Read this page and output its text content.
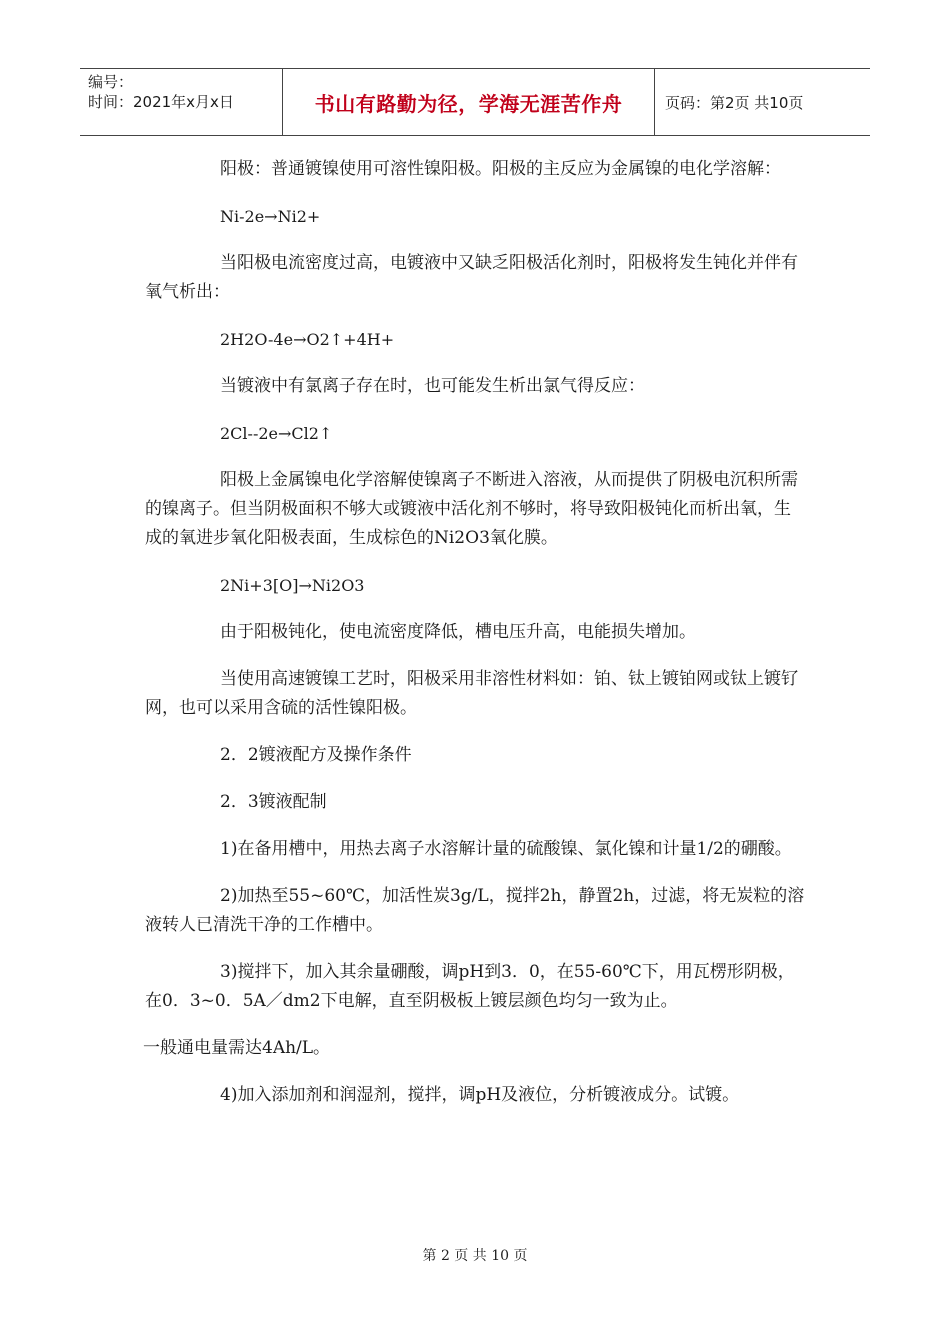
编号：
时间：2021年x月x日	书山有路勤为径，学海无涯苦作舟	页码：第2页 共10页

阳极：普通镀镍使用可溶性镍阳极。阳极的主反应为金属镍的电化学溶解：

Ni-2e→Ni2+

当阳极电流密度过高，电镀液中又缺乏阳极活化剂时，阳极将发生钝化并伴有氧气析出：

2H2O-4e→O2↑+4H+

当镀液中有氯离子存在时，也可能发生析出氯气得反应：

2Cl--2e→Cl2↑

阳极上金属镍电化学溶解使镍离子不断进入溶液，从而提供了阴极电沉积所需的镍离子。但当阴极面积不够大或镀液中活化剂不够时，将导致阳极钝化而析出氧，生成的氧进步氧化阳极表面，生成棕色的Ni2O3氧化膜。

2Ni+3[O]→Ni2O3

由于阳极钝化，使电流密度降低，槽电压升高，电能损失增加。

当使用高速镀镍工艺时，阳极采用非溶性材料如：铂、钛上镀铂网或钛上镀钌网，也可以采用含硫的活性镍阳极。

2．2镀液配方及操作条件

2．3镀液配制

1)在备用槽中，用热去离子水溶解计量的硫酸镍、氯化镍和计量1/2的硼酸。

2)加热至55~60℃，加活性炭3g/L，搅拌2h，静置2h，过滤，将无炭粒的溶液转人已清洗干净的工作槽中。

3)搅拌下，加入其余量硼酸，调pH到3．0，在55-60℃下，用瓦楞形阴极，在0．3~0．5A／dm2下电解，直至阴极板上镀层颜色均匀一致为止。

一般通电量需达4Ah/L。

4)加入添加剂和润湿剂，搅拌，调pH及液位，分析镀液成分。试镀。

第 2 页 共 10 页
